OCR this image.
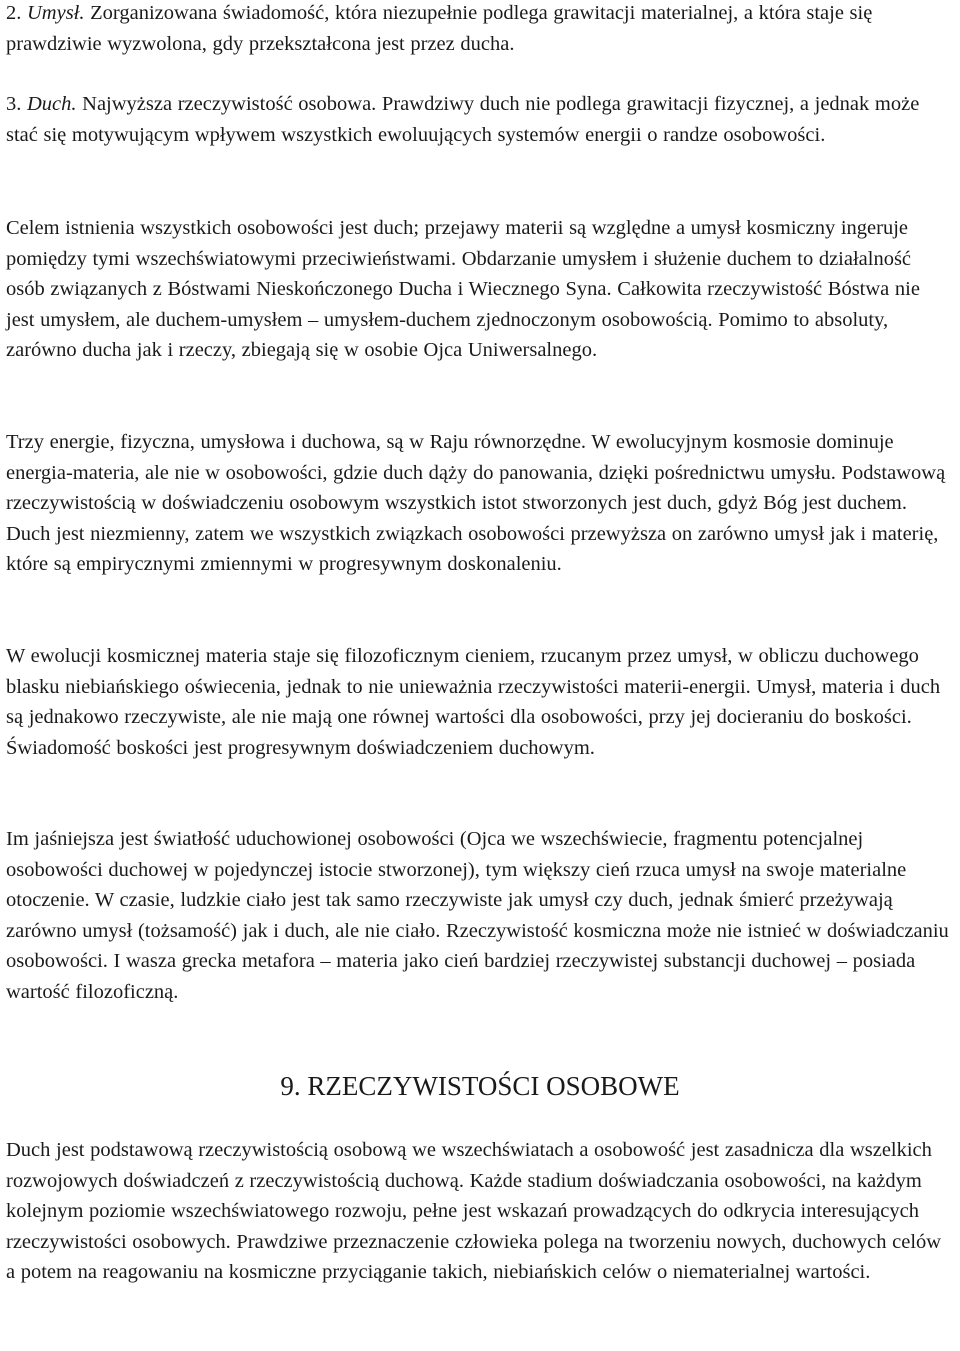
2. Umysł. Zorganizowana świadomość, która niezupełnie podlega grawitacji materialnej, a która staje się prawdziwie wyzwolona, gdy przekształcona jest przez ducha.

3. Duch. Najwyższa rzeczywistość osobowa. Prawdziwy duch nie podlega grawitacji fizycznej, a jednak może stać się motywującym wpływem wszystkich ewoluujących systemów energii o randze osobowości.

Celem istnienia wszystkich osobowości jest duch; przejawy materii są względne a umysł kosmiczny ingeruje pomiędzy tymi wszechświatowymi przeciwieństwami. Obdarzanie umysłem i służenie duchem to działalność osób związanych z Bóstwami Nieskończonego Ducha i Wiecznego Syna. Całkowita rzeczywistość Bóstwa nie jest umysłem, ale duchem-umysłem – umysłem-duchem zjednoczonym osobowością. Pomimo to absoluty, zarówno ducha jak i rzeczy, zbiegają się w osobie Ojca Uniwersalnego.

Trzy energie, fizyczna, umysłowa i duchowa, są w Raju równorzędne. W ewolucyjnym kosmosie dominuje energia-materia, ale nie w osobowości, gdzie duch dąży do panowania, dzięki pośrednictwu umysłu. Podstawową rzeczywistością w doświadczeniu osobowym wszystkich istot stworzonych jest duch, gdyż Bóg jest duchem. Duch jest niezmienny, zatem we wszystkich związkach osobowości przewyższa on zarówno umysł jak i materię, które są empirycznymi zmiennymi w progresywnym doskonaleniu.

W ewolucji kosmicznej materia staje się filozoficznym cieniem, rzucanym przez umysł, w obliczu duchowego blasku niebiańskiego oświecenia, jednak to nie unieważnia rzeczywistości materii-energii. Umysł, materia i duch są jednakowo rzeczywiste, ale nie mają one równej wartości dla osobowości, przy jej docieraniu do boskości. Świadomość boskości jest progresywnym doświadczeniem duchowym.

Im jaśniejsza jest światłość uduchowionej osobowości (Ojca we wszechświecie, fragmentu potencjalnej osobowości duchowej w pojedynczej istocie stworzonej), tym większy cień rzuca umysł na swoje materialne otoczenie. W czasie, ludzkie ciało jest tak samo rzeczywiste jak umysł czy duch, jednak śmierć przeżywają zarówno umysł (tożsamość) jak i duch, ale nie ciało. Rzeczywistość kosmiczna może nie istnieć w doświadczaniu osobowości. I wasza grecka metafora – materia jako cień bardziej rzeczywistej substancji duchowej – posiada wartość filozoficzną.

9. RZECZYWISTOŚCI OSOBOWE

Duch jest podstawową rzeczywistością osobową we wszechświatach a osobowość jest zasadnicza dla wszelkich rozwojowych doświadczeń z rzeczywistością duchową. Każde stadium doświadczania osobowości, na każdym kolejnym poziomie wszechświatowego rozwoju, pełne jest wskazań prowadzących do odkrycia interesujących rzeczywistości osobowych. Prawdziwe przeznaczenie człowieka polega na tworzeniu nowych, duchowych celów a potem na reagowaniu na kosmiczne przyciąganie takich, niebiańskich celów o niematerialnej wartości.
